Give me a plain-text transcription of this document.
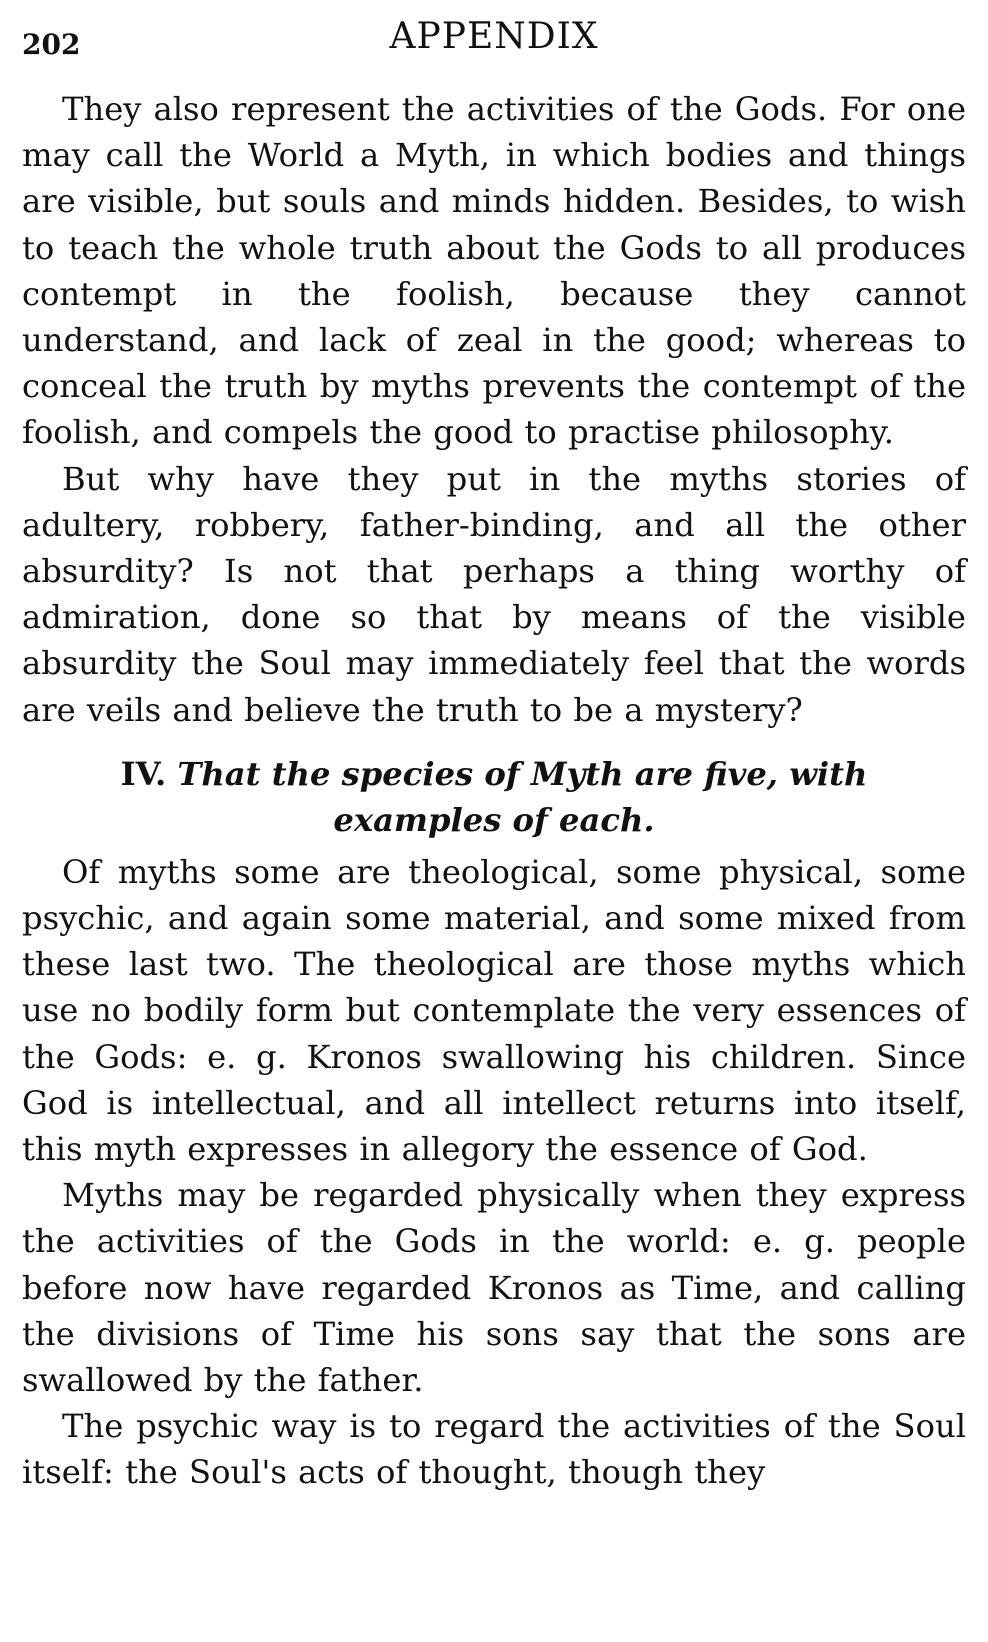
202	APPENDIX

They also represent the activities of the Gods. For one may call the World a Myth, in which bodies and things are visible, but souls and minds hidden. Besides, to wish to teach the whole truth about the Gods to all produces contempt in the foolish, because they cannot understand, and lack of zeal in the good; whereas to conceal the truth by myths prevents the contempt of the foolish, and compels the good to practise philosophy.

But why have they put in the myths stories of adultery, robbery, father-binding, and all the other absurdity? Is not that perhaps a thing worthy of admiration, done so that by means of the visible absurdity the Soul may immediately feel that the words are veils and believe the truth to be a mystery?

IV. That the species of Myth are five, with examples of each.

Of myths some are theological, some physical, some psychic, and again some material, and some mixed from these last two. The theological are those myths which use no bodily form but contemplate the very essences of the Gods: e. g. Kronos swallowing his children. Since God is intellectual, and all intellect returns into itself, this myth expresses in allegory the essence of God.

Myths may be regarded physically when they express the activities of the Gods in the world: e. g. people before now have regarded Kronos as Time, and calling the divisions of Time his sons say that the sons are swallowed by the father.

The psychic way is to regard the activities of the Soul itself: the Soul's acts of thought, though they
